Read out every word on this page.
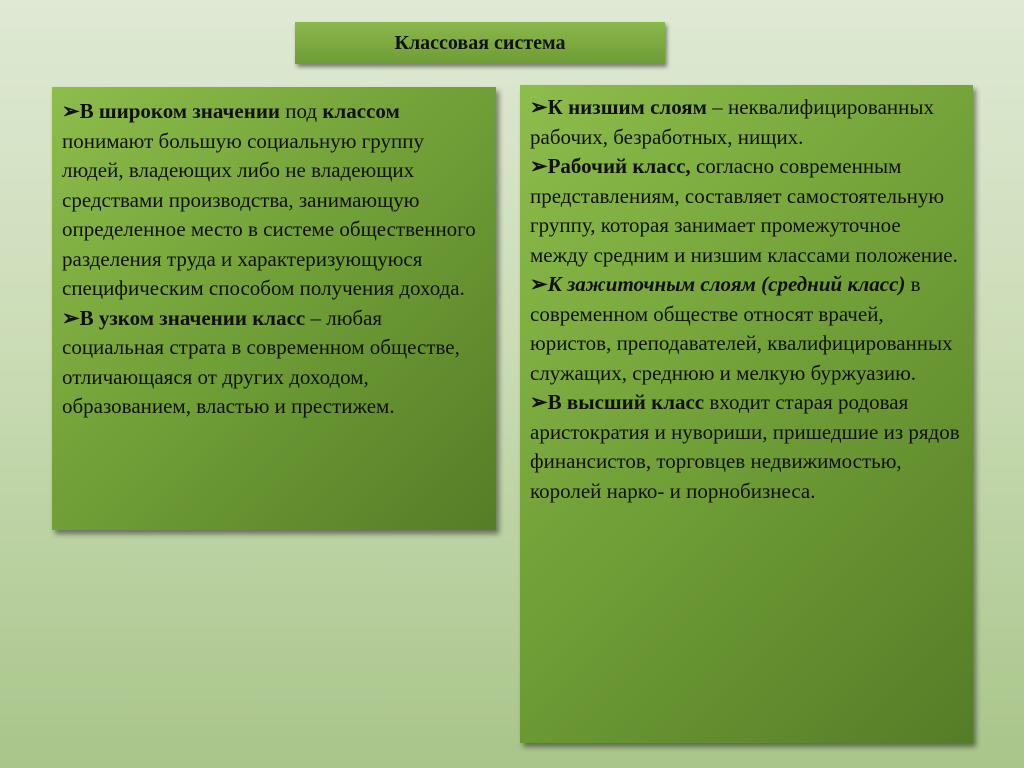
Классовая система

➢В широком значении под классом понимают большую социальную группу людей, владеющих либо не владеющих средствами производства, занимающую определенное место в системе общественного разделения труда и характеризующуюся специфическим способом получения дохода.

➢В узком значении класс – любая социальная страта в современном обществе, отличающаяся от других доходом, образованием, властью и престижем.

➢К низшим слоям – неквалифицированных рабочих, безработных, нищих.

➢Рабочий класс, согласно современным представлениям, составляет самостоятельную группу, которая занимает промежуточное между средним и низшим классами положение.

➢К зажиточным слоям (средний класс) в современном обществе относят врачей, юристов, преподавателей, квалифицированных служащих, среднюю и мелкую буржуазию.

➢В высший класс входит старая родовая аристократия и нувориши, пришедшие из рядов финансистов, торговцев недвижимостью, королей нарко- и порнобизнеса.
